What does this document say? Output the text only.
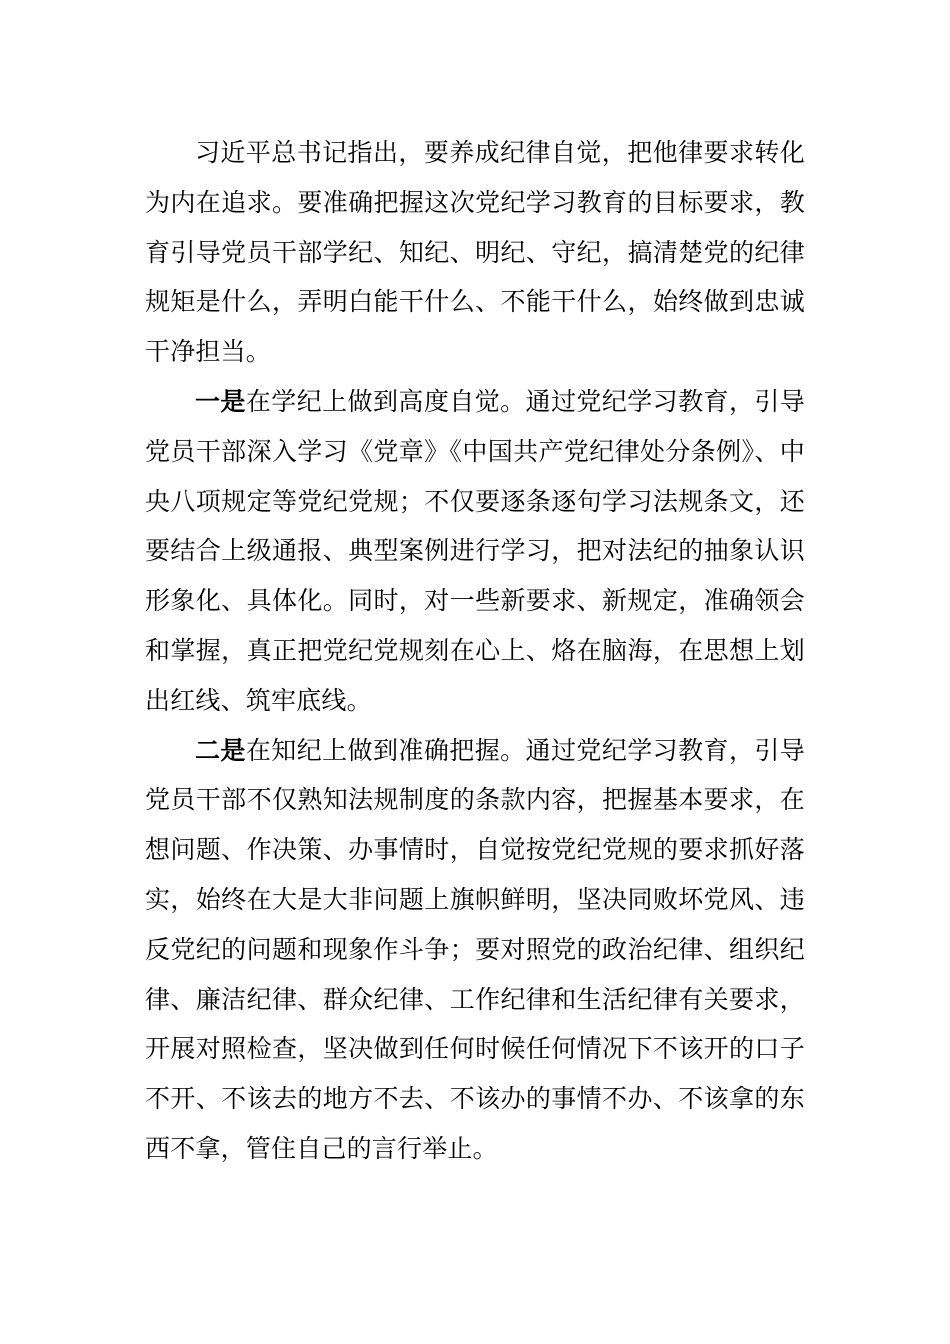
习近平总书记指出，要养成纪律自觉，把他律要求转化为内在追求。要准确把握这次党纪学习教育的目标要求，教育引导党员干部学纪、知纪、明纪、守纪，搞清楚党的纪律规矩是什么，弄明白能干什么、不能干什么，始终做到忠诚干净担当。

一是在学纪上做到高度自觉。通过党纪学习教育，引导党员干部深入学习《党章》《中国共产党纪律处分条例》、中央八项规定等党纪党规；不仅要逐条逐句学习法规条文，还要结合上级通报、典型案例进行学习，把对法纪的抽象认识形象化、具体化。同时，对一些新要求、新规定，准确领会和掌握，真正把党纪党规刻在心上、烙在脑海，在思想上划出红线、筑牢底线。

二是在知纪上做到准确把握。通过党纪学习教育，引导党员干部不仅熟知法规制度的条款内容，把握基本要求，在想问题、作决策、办事情时，自觉按党纪党规的要求抓好落实，始终在大是大非问题上旗帜鲜明，坚决同败坏党风、违反党纪的问题和现象作斗争；要对照党的政治纪律、组织纪律、廉洁纪律、群众纪律、工作纪律和生活纪律有关要求，开展对照检查，坚决做到任何时候任何情况下不该开的口子不开、不该去的地方不去、不该办的事情不办、不该拿的东西不拿，管住自己的言行举止。
